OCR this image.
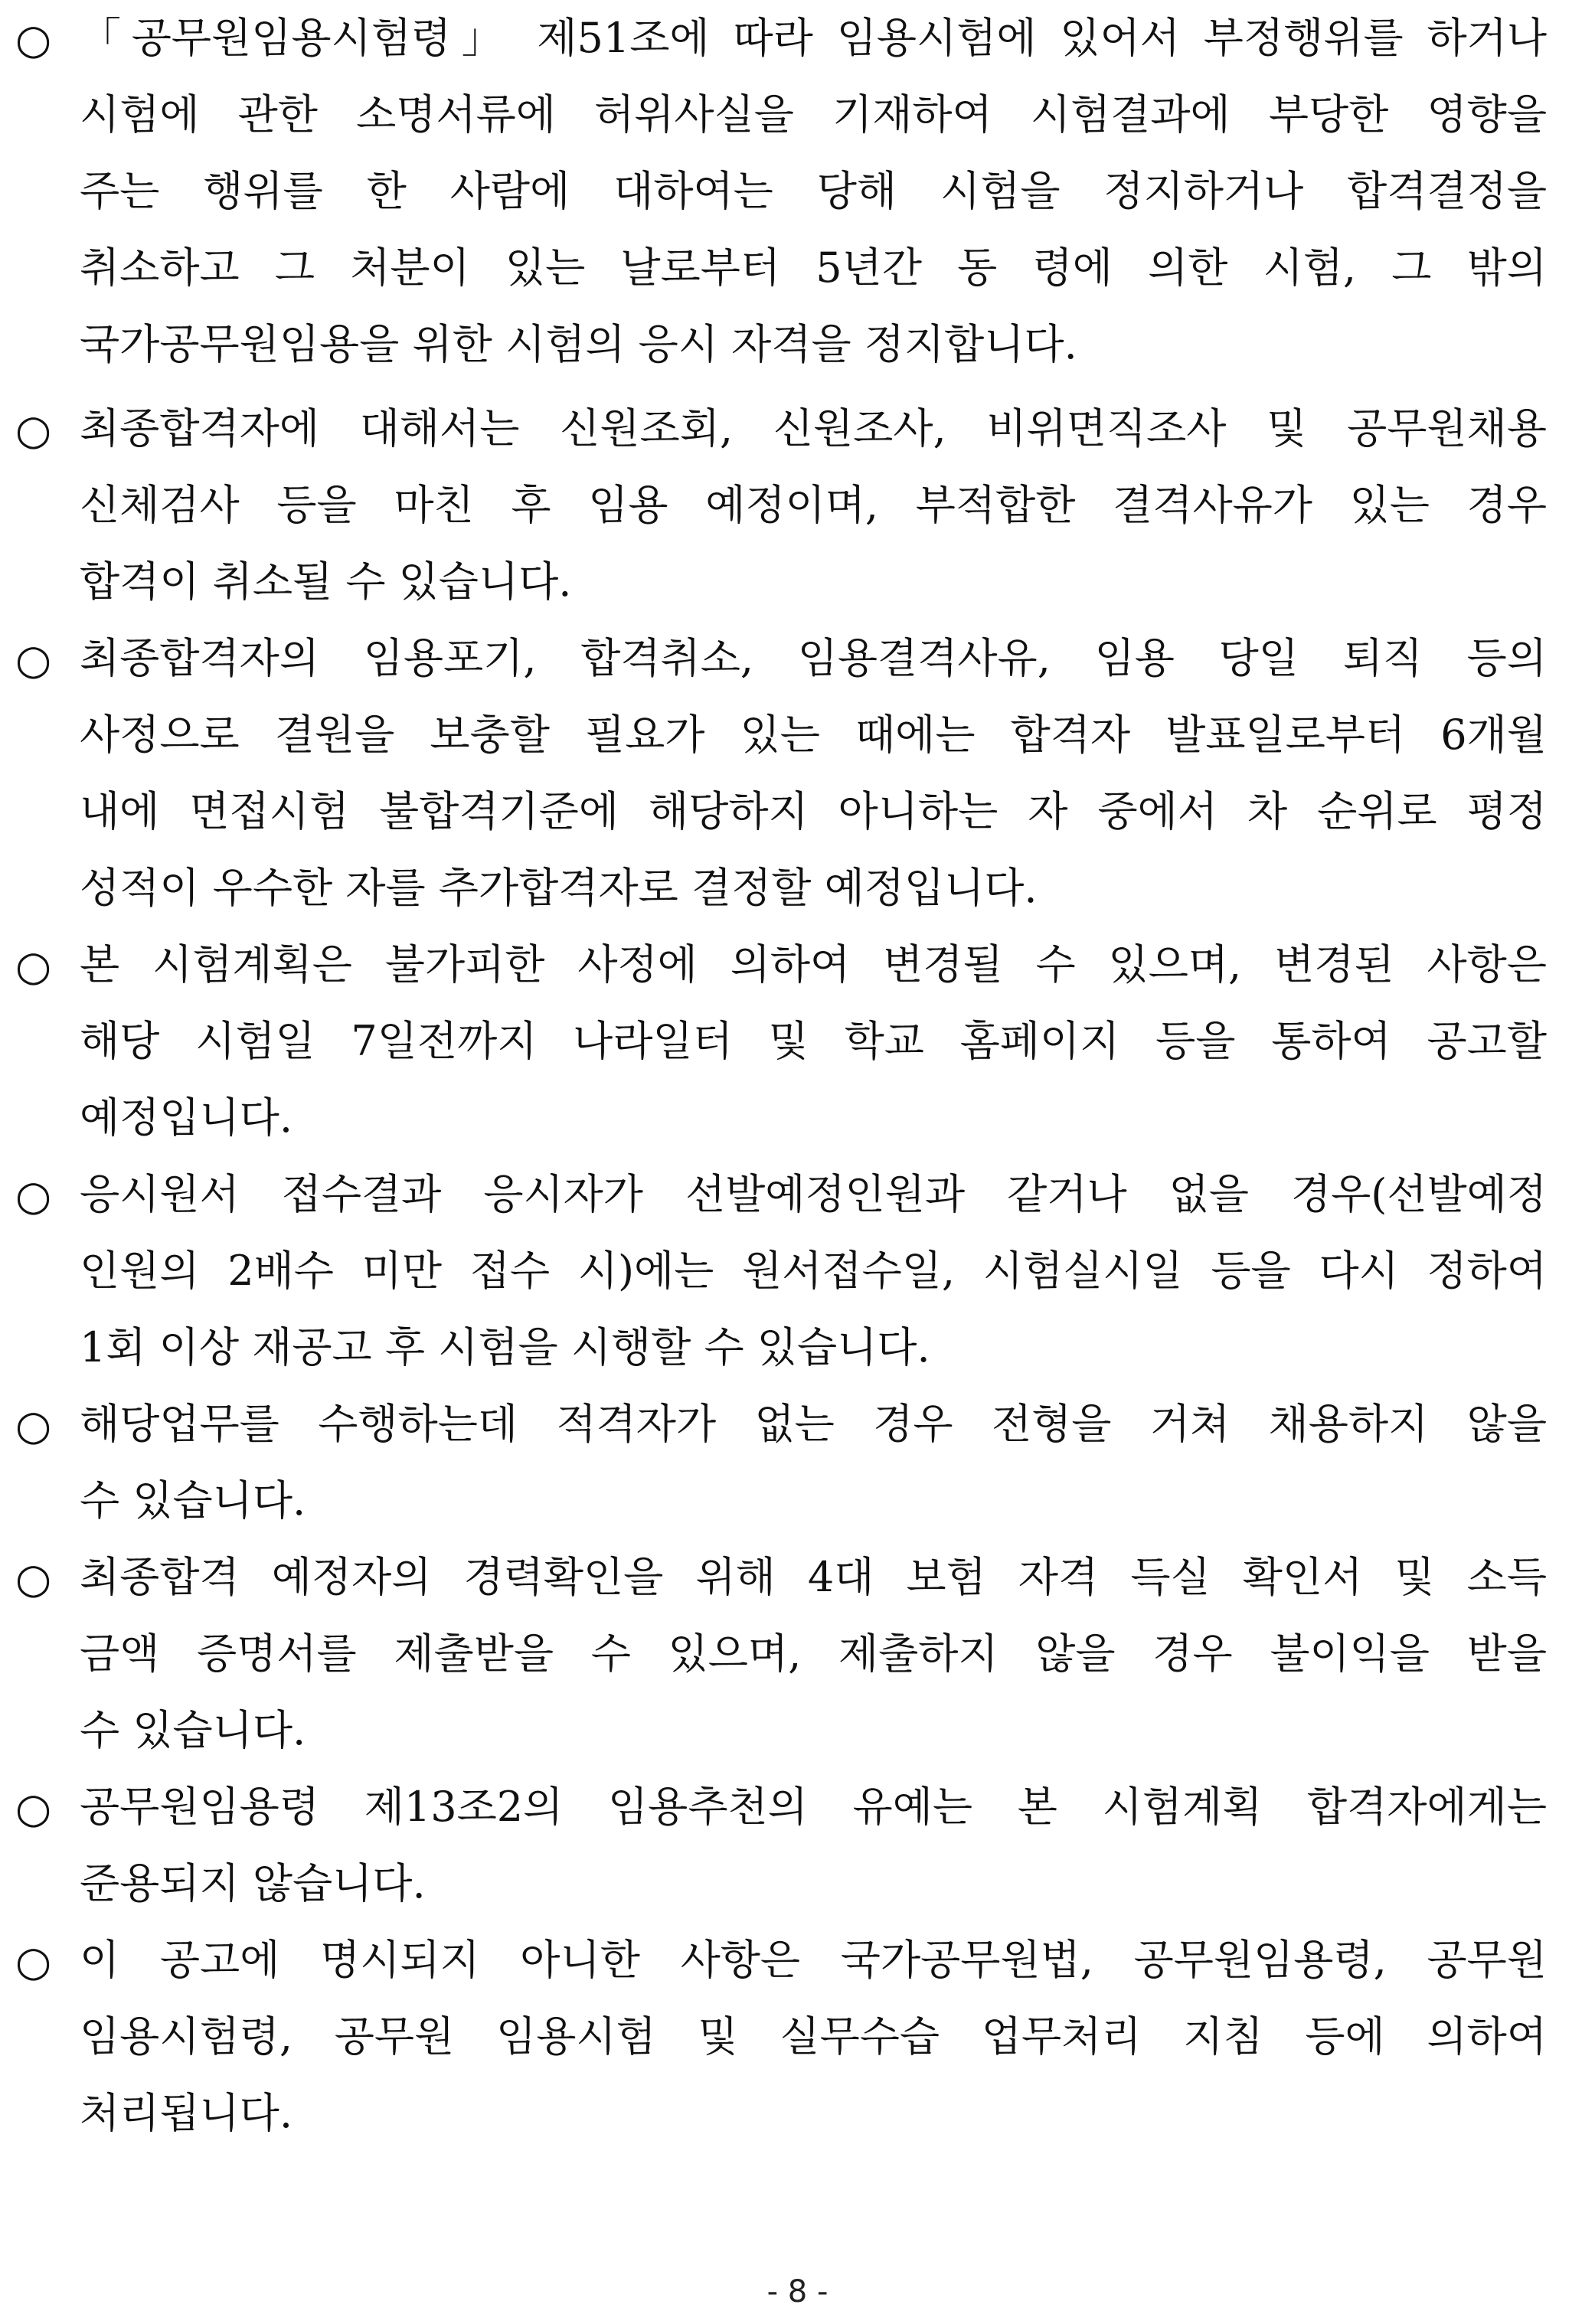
○ 「공무원임용시험령」 제51조에 따라 임용시험에 있어서 부정행위를 하거나
시험에 관한 소명서류에 허위사실을 기재하여 시험결과에 부당한 영향을
주는 행위를 한 사람에 대하여는 당해 시험을 정지하거나 합격결정을
취소하고 그 처분이 있는 날로부터 5년간 동 령에 의한 시험, 그 밖의
국가공무원임용을 위한 시험의 응시 자격을 정지합니다.
○ 최종합격자에 대해서는 신원조회, 신원조사, 비위면직조사 및 공무원채용
신체검사 등을 마친 후 임용 예정이며, 부적합한 결격사유가 있는 경우
합격이 취소될 수 있습니다.
○ 최종합격자의 임용포기, 합격취소, 임용결격사유, 임용 당일 퇴직 등의
사정으로 결원을 보충할 필요가 있는 때에는 합격자 발표일로부터 6개월
내에 면접시험 불합격기준에 해당하지 아니하는 자 중에서 차 순위로 평정
성적이 우수한 자를 추가합격자로 결정할 예정입니다.
○ 본 시험계획은 불가피한 사정에 의하여 변경될 수 있으며, 변경된 사항은
해당 시험일 7일전까지 나라일터 및 학교 홈페이지 등을 통하여 공고할
예정입니다.
○ 응시원서 접수결과 응시자가 선발예정인원과 같거나 없을 경우(선발예정
인원의 2배수 미만 접수 시)에는 원서접수일, 시험실시일 등을 다시 정하여
1회 이상 재공고 후 시험을 시행할 수 있습니다.
○ 해당업무를 수행하는데 적격자가 없는 경우 전형을 거쳐 채용하지 않을
수 있습니다.
○ 최종합격 예정자의 경력확인을 위해 4대 보험 자격 득실 확인서 및 소득
금액 증명서를 제출받을 수 있으며, 제출하지 않을 경우 불이익을 받을
수 있습니다.
○ 공무원임용령 제13조2의 임용추천의 유예는 본 시험계획 합격자에게는
준용되지 않습니다.
○ 이 공고에 명시되지 아니한 사항은 국가공무원법, 공무원임용령, 공무원
임용시험령, 공무원 임용시험 및 실무수습 업무처리 지침 등에 의하여
처리됩니다.
- 8 -
